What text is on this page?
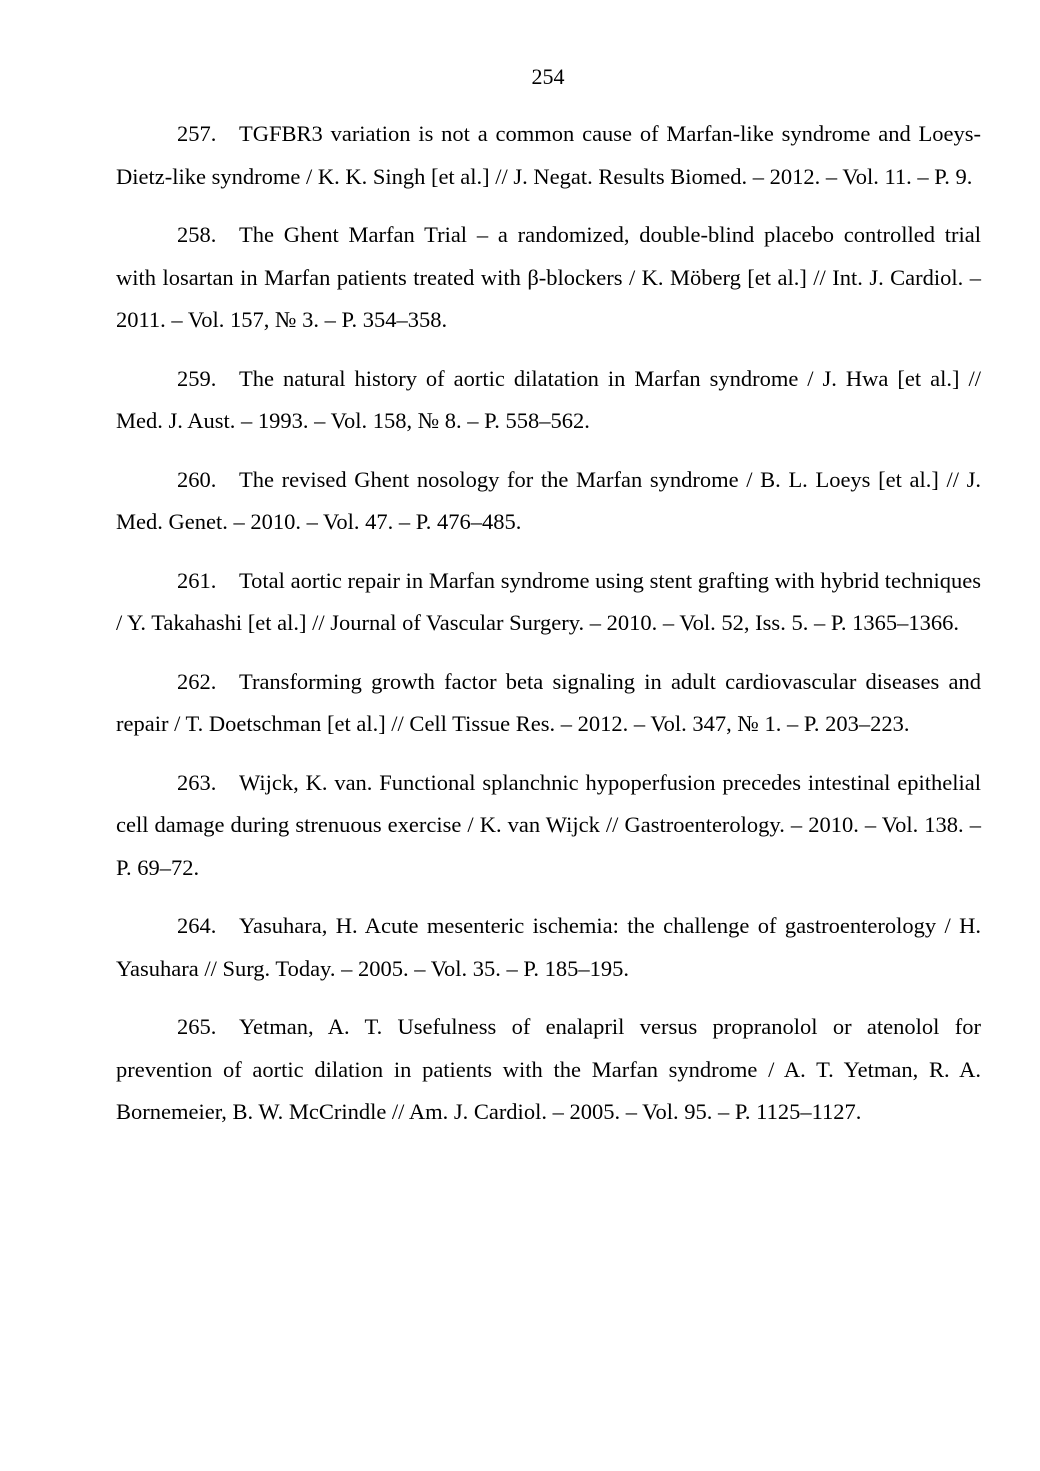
254

257. TGFBR3 variation is not a common cause of Marfan-like syndrome and Loeys-Dietz-like syndrome / K. K. Singh [et al.] // J. Negat. Results Biomed. – 2012. – Vol. 11. – P. 9.

258. The Ghent Marfan Trial – a randomized, double-blind placebo controlled trial with losartan in Marfan patients treated with β-blockers / K. Möberg [et al.] // Int. J. Cardiol. – 2011. – Vol. 157, № 3. – P. 354–358.

259. The natural history of aortic dilatation in Marfan syndrome / J. Hwa [et al.] // Med. J. Aust. – 1993. – Vol. 158, № 8. – P. 558–562.

260. The revised Ghent nosology for the Marfan syndrome / B. L. Loeys [et al.] // J. Med. Genet. – 2010. – Vol. 47. – P. 476–485.

261. Total aortic repair in Marfan syndrome using stent grafting with hybrid techniques / Y. Takahashi [et al.] // Journal of Vascular Surgery. – 2010. – Vol. 52, Iss. 5. – P. 1365–1366.

262. Transforming growth factor beta signaling in adult cardiovascular diseases and repair / T. Doetschman [et al.] // Cell Tissue Res. – 2012. – Vol. 347, № 1. – P. 203–223.

263. Wijck, K. van. Functional splanchnic hypoperfusion precedes intestinal epithelial cell damage during strenuous exercise / K. van Wijck // Gastroenterology. – 2010. – Vol. 138. – P. 69–72.

264. Yasuhara, H. Acute mesenteric ischemia: the challenge of gastroenterology / H. Yasuhara // Surg. Today. – 2005. – Vol. 35. – P. 185–195.

265. Yetman, A. T. Usefulness of enalapril versus propranolol or atenolol for prevention of aortic dilation in patients with the Marfan syndrome / A. T. Yetman, R. A. Bornemeier, B. W. McCrindle // Am. J. Cardiol. – 2005. – Vol. 95. – P. 1125–1127.
